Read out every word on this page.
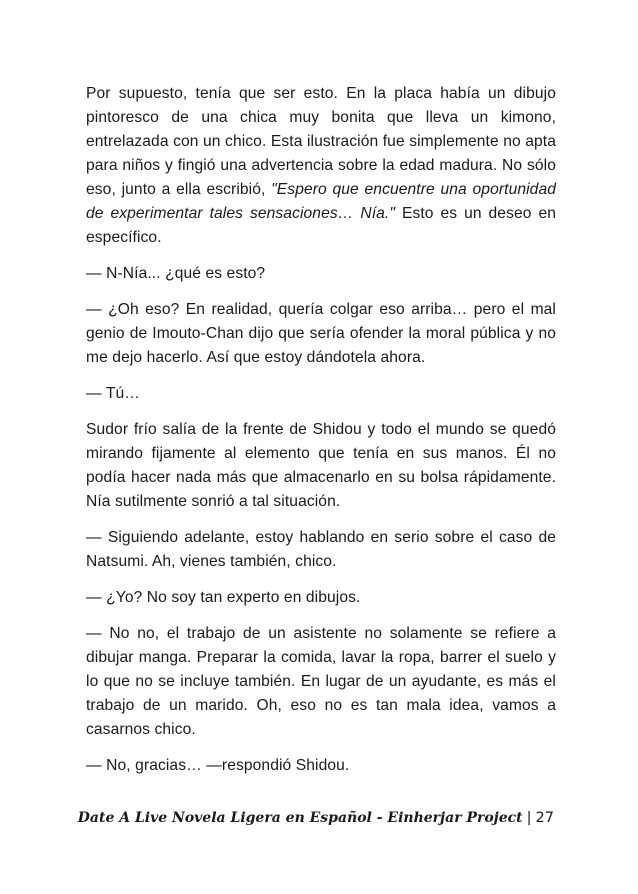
Por supuesto, tenía que ser esto. En la placa había un dibujo pintoresco de una chica muy bonita que lleva un kimono, entrelazada con un chico. Esta ilustración fue simplemente no apta para niños y fingió una advertencia sobre la edad madura. No sólo eso, junto a ella escribió, "Espero que encuentre una oportunidad de experimentar tales sensaciones… Nía." Esto es un deseo en específico.

— N-Nía... ¿qué es esto?

— ¿Oh eso? En realidad, quería colgar eso arriba… pero el mal genio de Imouto-Chan dijo que sería ofender la moral pública y no me dejo hacerlo. Así que estoy dándotela ahora.

— Tú…

Sudor frío salía de la frente de Shidou y todo el mundo se quedó mirando fijamente al elemento que tenía en sus manos. Él no podía hacer nada más que almacenarlo en su bolsa rápidamente. Nía sutilmente sonrió a tal situación.

— Siguiendo adelante, estoy hablando en serio sobre el caso de Natsumi. Ah, vienes también, chico.

— ¿Yo? No soy tan experto en dibujos.

— No no, el trabajo de un asistente no solamente se refiere a dibujar manga. Preparar la comida, lavar la ropa, barrer el suelo y lo que no se incluye también. En lugar de un ayudante, es más el trabajo de un marido. Oh, eso no es tan mala idea, vamos a casarnos chico.

— No, gracias… —respondió Shidou.

Date A Live Novela Ligera en Español - Einherjar Project | 27
